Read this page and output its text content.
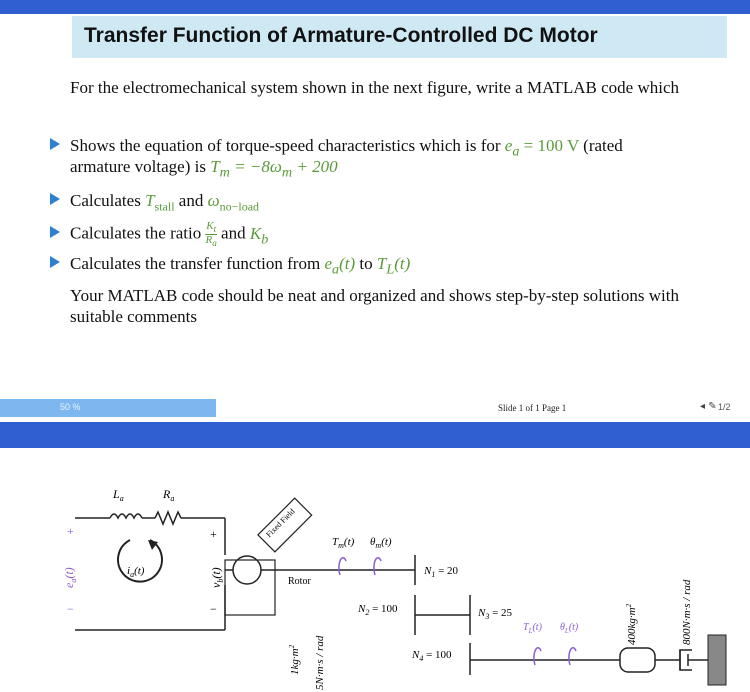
Transfer Function of Armature-Controlled DC Motor
For the electromechanical system shown in the next figure, write a MATLAB code which
Shows the equation of torque-speed characteristics which is for $e_a = 100$ V (rated
armature voltage) is $T_m = -8\omega_m + 200$
Calculates $T_{stall}$ and $\omega_{no-load}$
Calculates the ratio $\frac{K_t}{R_a}$ and $K_b$
Calculates the transfer function from $e_a(t)$ to $T_L(t)$
Your MATLAB code should be neat and organized and shows step-by-step solutions with suitable comments
50 %	Slide 1 of 1 Page 1	◂ ✎ 1/2
$i_a(t)$
$L_a$	$R_a$
+
−
$e_a(t)$
+
−
$v_b(t)$
Fixed Field
Rotor
$T_m(t)$ $\theta_m(t)$
$N_1 = 20$
$N_2 = 100$	$N_3 = 25$
$N_4 = 100$
$T_L(t)$ $\theta_L(t)$
$1kg\cdot m^2$	5N·m·s / rad
$400kg\cdot m^2$	800N·m·s / rad
